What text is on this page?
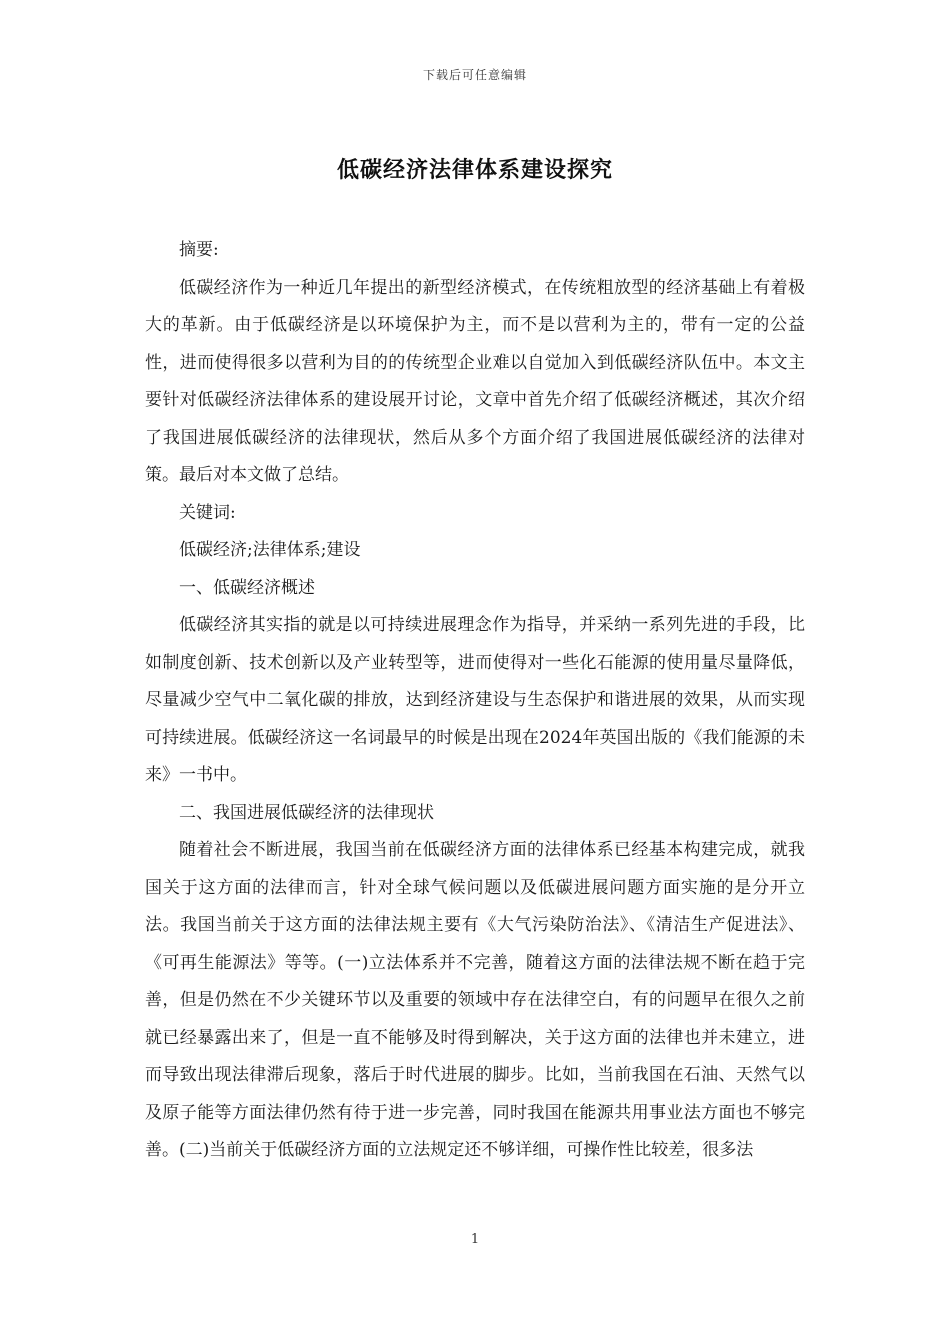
下载后可任意编辑
低碳经济法律体系建设探究

摘要:

低碳经济作为一种近几年提出的新型经济模式，在传统粗放型的经济基础上有着极大的革新。由于低碳经济是以环境保护为主，而不是以营利为主的，带有一定的公益性，进而使得很多以营利为目的的传统型企业难以自觉加入到低碳经济队伍中。本文主要针对低碳经济法律体系的建设展开讨论，文章中首先介绍了低碳经济概述，其次介绍了我国进展低碳经济的法律现状，然后从多个方面介绍了我国进展低碳经济的法律对策。最后对本文做了总结。

关键词:

低碳经济;法律体系;建设

一、低碳经济概述

低碳经济其实指的就是以可持续进展理念作为指导，并采纳一系列先进的手段，比如制度创新、技术创新以及产业转型等，进而使得对一些化石能源的使用量尽量降低，尽量减少空气中二氧化碳的排放，达到经济建设与生态保护和谐进展的效果，从而实现可持续进展。低碳经济这一名词最早的时候是出现在2024年英国出版的《我们能源的未来》一书中。

二、我国进展低碳经济的法律现状

随着社会不断进展，我国当前在低碳经济方面的法律体系已经基本构建完成，就我国关于这方面的法律而言，针对全球气候问题以及低碳进展问题方面实施的是分开立法。我国当前关于这方面的法律法规主要有《大气污染防治法》、《清洁生产促进法》、《可再生能源法》等等。(一)立法体系并不完善，随着这方面的法律法规不断在趋于完善，但是仍然在不少关键环节以及重要的领域中存在法律空白，有的问题早在很久之前就已经暴露出来了，但是一直不能够及时得到解决，关于这方面的法律也并未建立，进而导致出现法律滞后现象，落后于时代进展的脚步。比如，当前我国在石油、天然气以及原子能等方面法律仍然有待于进一步完善，同时我国在能源共用事业法方面也不够完善。(二)当前关于低碳经济方面的立法规定还不够详细，可操作性比较差，很多法

1
